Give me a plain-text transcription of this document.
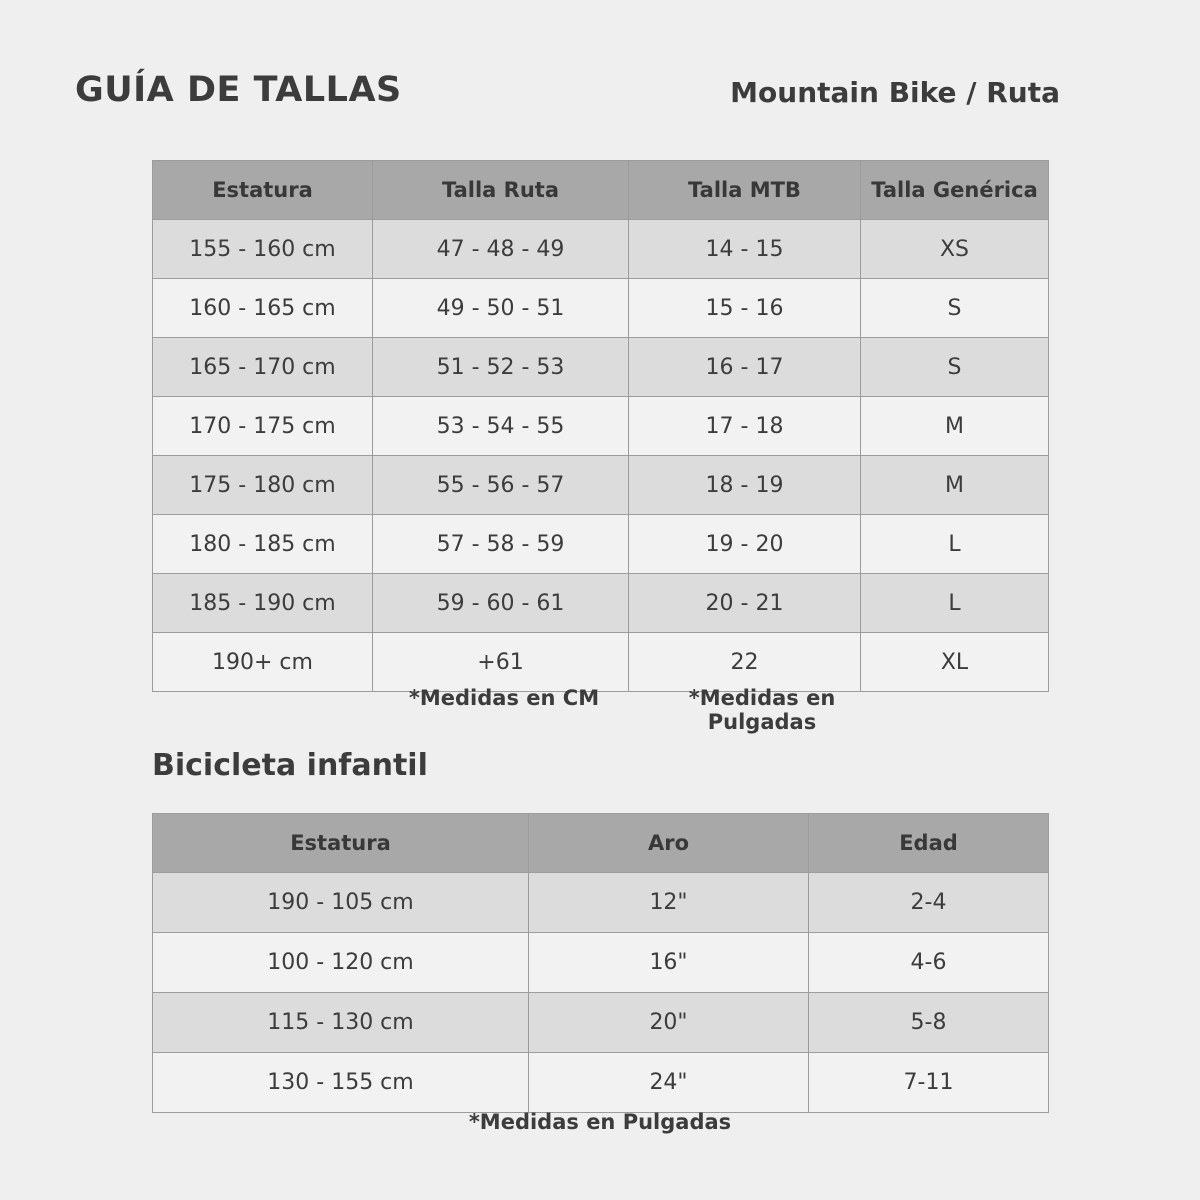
GUÍA DE TALLAS	Mountain Bike / Ruta
Estatura	Talla Ruta	Talla MTB	Talla Genérica
155 - 160 cm	47 - 48 - 49	14 - 15	XS
160 - 165 cm	49 - 50 - 51	15 - 16	S
165 - 170 cm	51 - 52 - 53	16 - 17	S
170 - 175 cm	53 - 54 - 55	17 - 18	M
175 - 180 cm	55 - 56 - 57	18 - 19	M
180 - 185 cm	57 - 58 - 59	19 - 20	L
185 - 190 cm	59 - 60 - 61	20 - 21	L
190+ cm	+61	22	XL
*Medidas en CM	*Medidas en Pulgadas
Bicicleta infantil
Estatura	Aro	Edad
190 - 105 cm	12"	2-4
100 - 120 cm	16"	4-6
115 - 130 cm	20"	5-8
130 - 155 cm	24"	7-11
*Medidas en Pulgadas
